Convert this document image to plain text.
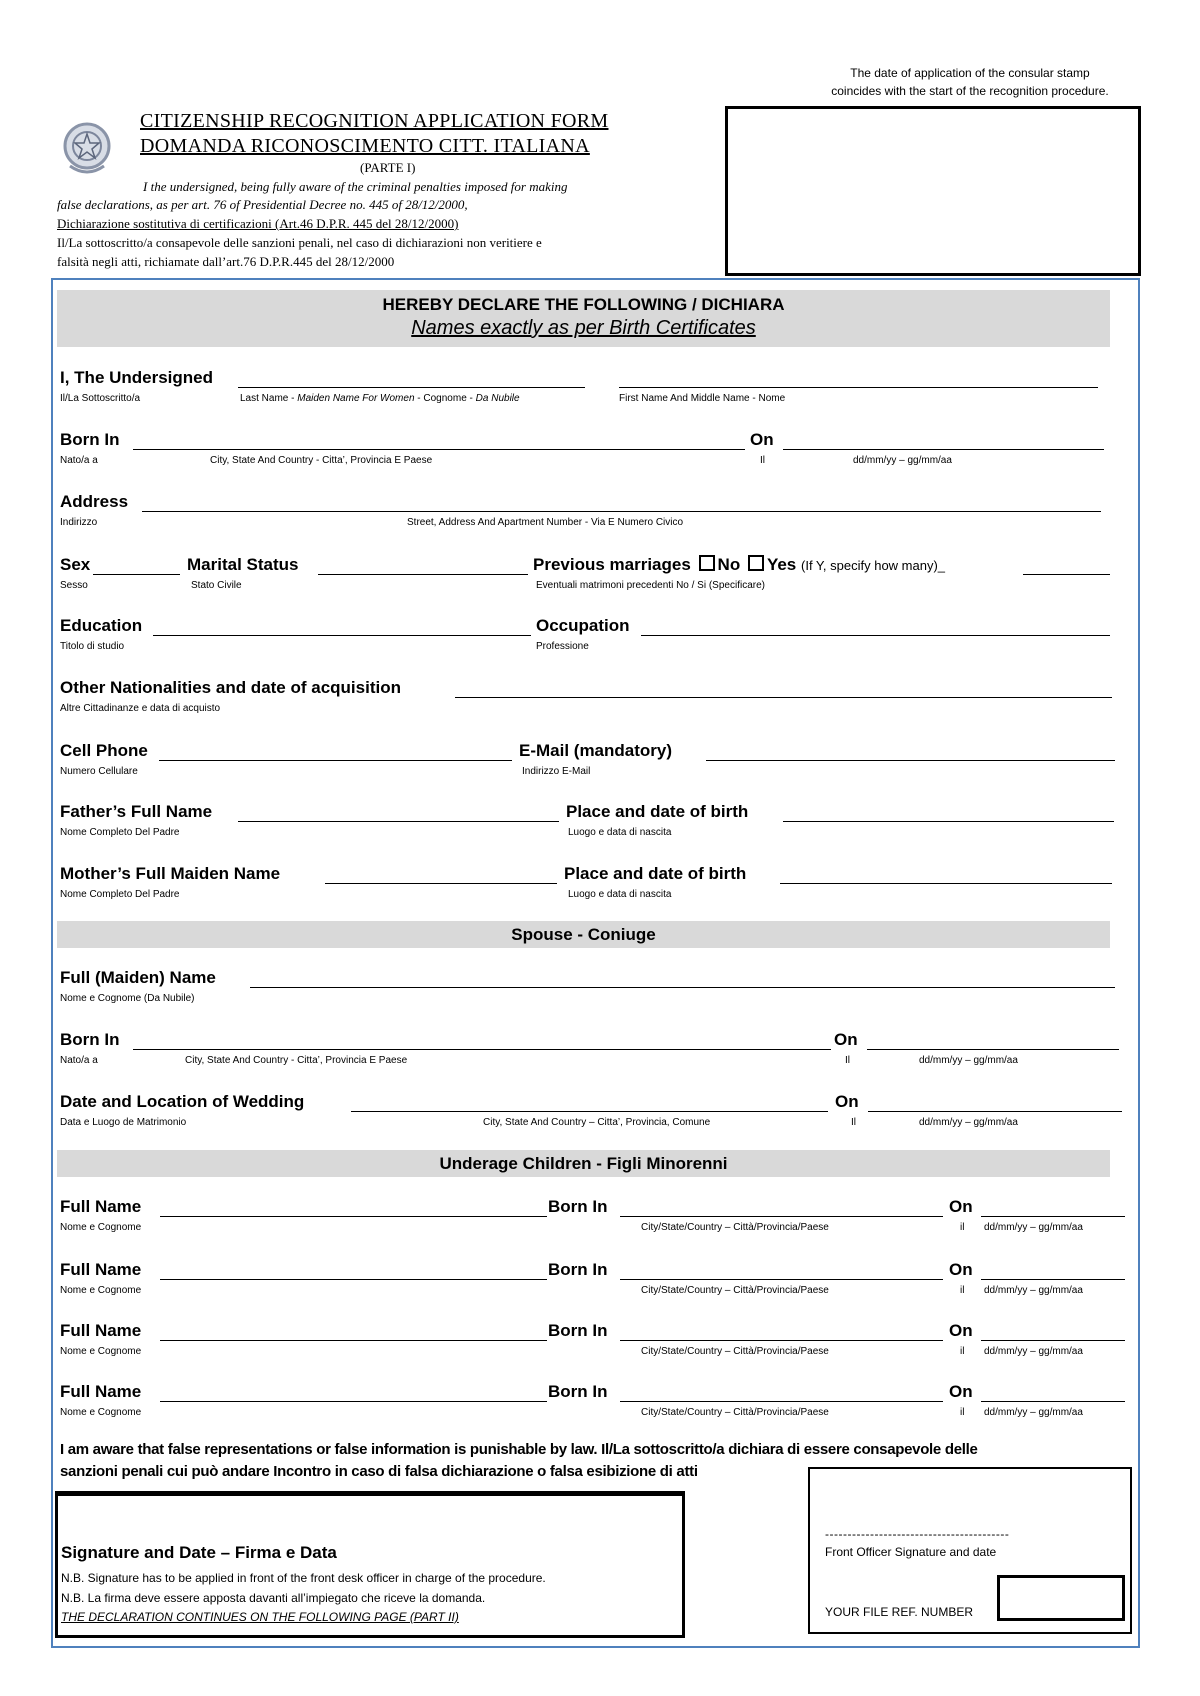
The date of application of the consular stamp
coincides with the start of the recognition procedure.
CITIZENSHIP RECOGNITION APPLICATION FORM
DOMANDA RICONOSCIMENTO CITT. ITALIANA
(PARTE I)
I the undersigned, being fully aware of the criminal penalties imposed for making
false declarations, as per art. 76 of Presidential Decree no. 445 of 28/12/2000,
Dichiarazione sostitutiva di certificazioni (Art.46 D.P.R. 445 del 28/12/2000)
Il/La sottoscritto/a consapevole delle sanzioni penali, nel caso di dichiarazioni non veritiere e
falsità negli atti, richiamate dall’art.76 D.P.R.445 del 28/12/2000
HEREBY DECLARE THE FOLLOWING / DICHIARA
Names exactly as per Birth Certificates
I, The Undersigned
Il/La Sottoscritto/a	Last Name - Maiden Name For Women - Cognome - Da Nubile	First Name And Middle Name - Nome
Born In	On
Nato/a a	City, State And Country - Citta’, Provincia E Paese	Il	dd/mm/yy – gg/mm/aa
Address
Indirizzo	Street, Address And Apartment Number - Via E Numero Civico
Sex	Marital Status	Previous marriages No Yes (If Y, specify how many)_
Sesso	Stato Civile	Eventuali matrimoni precedenti No / Si (Specificare)
Education	Occupation
Titolo di studio	Professione
Other Nationalities and date of acquisition
Altre Cittadinanze e data di acquisto
Cell Phone	E-Mail (mandatory)
Numero Cellulare	Indirizzo E-Mail
Father’s Full Name	Place and date of birth
Nome Completo Del Padre	Luogo e data di nascita
Mother’s Full Maiden Name	Place and date of birth
Nome Completo Del Padre	Luogo e data di nascita
Spouse - Coniuge
Full (Maiden) Name
Nome e Cognome (Da Nubile)
Born In	On
Nato/a a	City, State And Country - Citta’, Provincia E Paese	Il	dd/mm/yy – gg/mm/aa
Date and Location of Wedding	On
Data e Luogo de Matrimonio	City, State And Country – Citta’, Provincia, Comune	Il	dd/mm/yy – gg/mm/aa
Underage Children - Figli Minorenni
Full Name	Born In	On
Nome e Cognome	City/State/Country – Città/Provincia/Paese	il dd/mm/yy – gg/mm/aa
Full Name	Born In	On
Nome e Cognome	City/State/Country – Città/Provincia/Paese	il dd/mm/yy – gg/mm/aa
Full Name	Born In	On
Nome e Cognome	City/State/Country – Città/Provincia/Paese	il dd/mm/yy – gg/mm/aa
Full Name	Born In	On
Nome e Cognome	City/State/Country – Città/Provincia/Paese	il dd/mm/yy – gg/mm/aa
I am aware that false representations or false information is punishable by law. Il/La sottoscritto/a dichiara di essere consapevole delle
sanzioni penali cui può andare Incontro in caso di falsa dichiarazione o falsa esibizione di atti
Signature and Date – Firma e Data
N.B. Signature has to be applied in front of the front desk officer in charge of the procedure.
N.B. La firma deve essere apposta davanti all’impiegato che riceve la domanda.
THE DECLARATION CONTINUES ON THE FOLLOWING PAGE (PART II)
-----------------------------------------
Front Officer Signature and date
YOUR FILE REF. NUMBER
